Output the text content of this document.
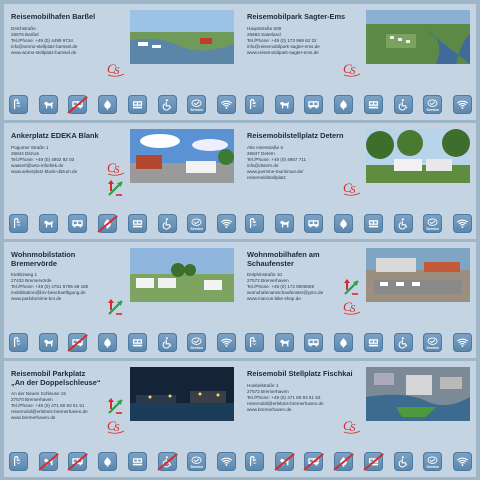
Reisemobilhafen Barßel
Deichstraße
26676 Barßel
Tel./Phone: +49 (0) 4499 9734
info@womo-stellplatz-barssel.de
www.womo-stellplatz-barssel.de
C
S
Service
Reisemobilpark Sagter-Ems
Hauptstraße 509
26683 Saterland
Tel./Phone: +49 (0) 173 969 62 22
info@reisemobilpark-sagter-ems.de
www.reisemobilpark-sagter-ems.de
C
S
Service
Ankerplatz EDEKA Blank
Pogumer Straße 1
26844 Ditzum
Tel./Phone: +49 (0) 4902 92 03
wasserl@wso-inforbkk.de
www.ankerplatz-blank-ditzum.de	C
S
Service
Reisemobilstellplatz Detern
Alte Heerstraße 6
26847 Detern
Tel./Phone: +49 (0) 4957 711
info@detern.de
www.juemme-tourismus.de/
reisemobilstellplatz
C
S
Service
Wohnmobilstation
Bremervörde
Kiebitzweg 1
27432 Bremervörde
Tel./Phone: +49 (0) 4761 5795 59 180
mobilstation@brv-beschaeftigung.de
www.parkdorsime-brv.de
Service
Wohnmobilhafen am
Schaufenster
Delphinstraße 10
27572 Bremerhaven
Tel./Phone: +49 (0) 172 9506569
womohafenamschaufenster@gmx.de
www.marcus-bike-shop.de
C
S
Service
Reisemobil Parkplatz
„An der Doppelschleuse“
An der Neuen Schleuse 15
27570 Bremerhaven
Tel./Phone: +49 (0) 471 80 93 61 51
reisemobil@erlebnis-bremerhaven.de
www.bremerhaven.de
C
S
Service
Reisemobil Stellplatz Fischkai
Hoebelstraße 1
27572 Bremerhaven
Tel./Phone: +49 (0) 471 80 93 61 53
reisemobil@erlebnis-bremerhaven.de
www.bremerhaven.de
C
S
Service
